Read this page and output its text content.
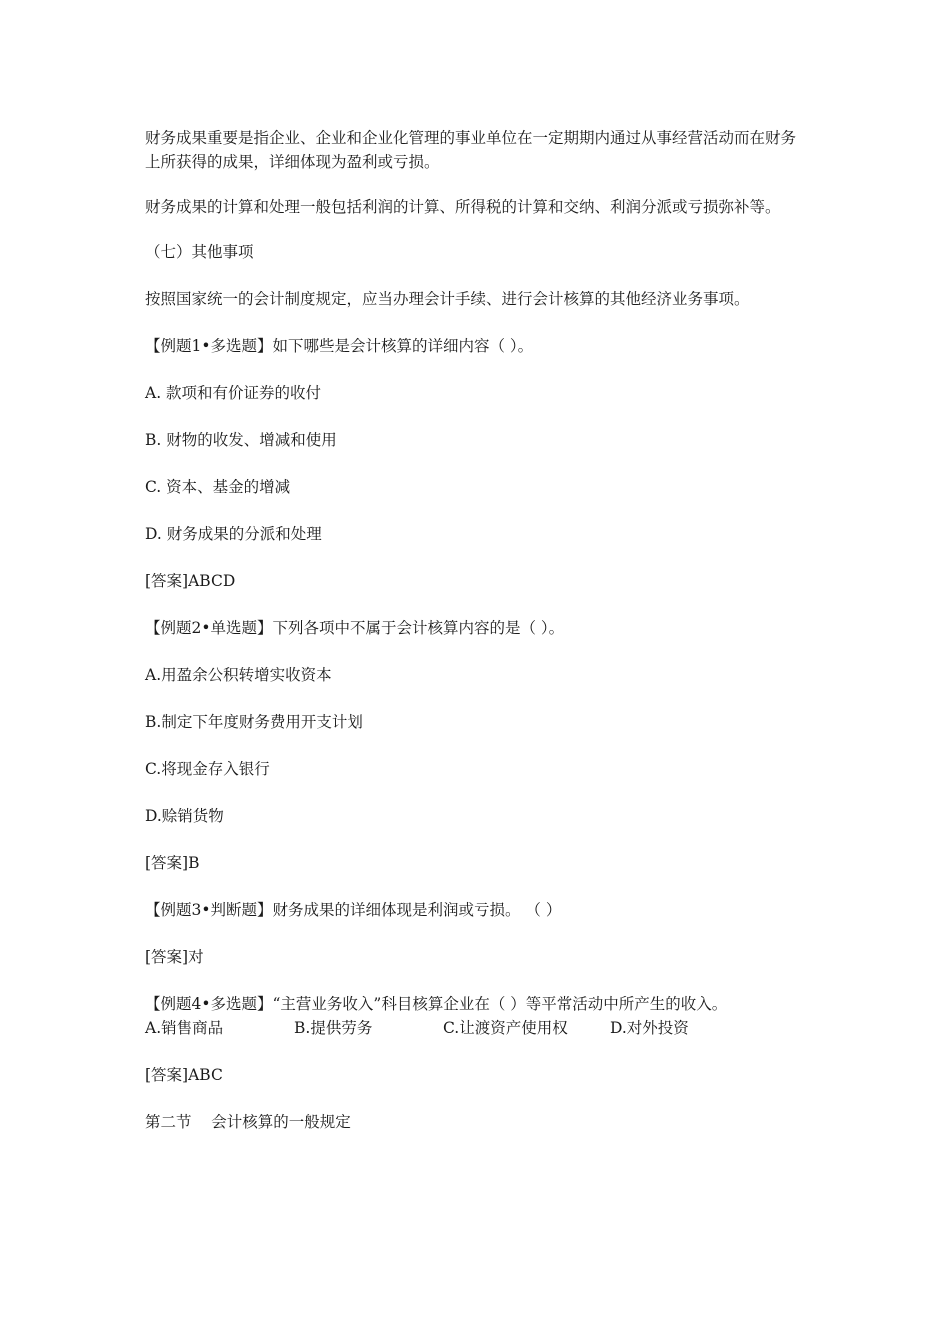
财务成果重要是指企业、企业和企业化管理的事业单位在一定期期内通过从事经营活动而在财务上所获得的成果，详细体现为盈利或亏损。

财务成果的计算和处理一般包括利润的计算、所得税的计算和交纳、利润分派或亏损弥补等。

（七）其他事项

按照国家统一的会计制度规定，应当办理会计手续、进行会计核算的其他经济业务事项。

【例题1•多选题】如下哪些是会计核算的详细内容（ ）。

A. 款项和有价证券的收付

B. 财物的收发、增减和使用

C. 资本、基金的增减

D. 财务成果的分派和处理

[答案]ABCD

【例题2•单选题】下列各项中不属于会计核算内容的是（ ）。

A.用盈余公积转增实收资本

B.制定下年度财务费用开支计划

C.将现金存入银行

D.赊销货物

[答案]B

【例题3•判断题】财务成果的详细体现是利润或亏损。 （ ）

[答案]对

【例题4•多选题】“主营业务收入”科目核算企业在（ ）等平常活动中所产生的收入。

A.销售商品	B.提供劳务	C.让渡资产使用权	D.对外投资

[答案]ABC

第二节    会计核算的一般规定
